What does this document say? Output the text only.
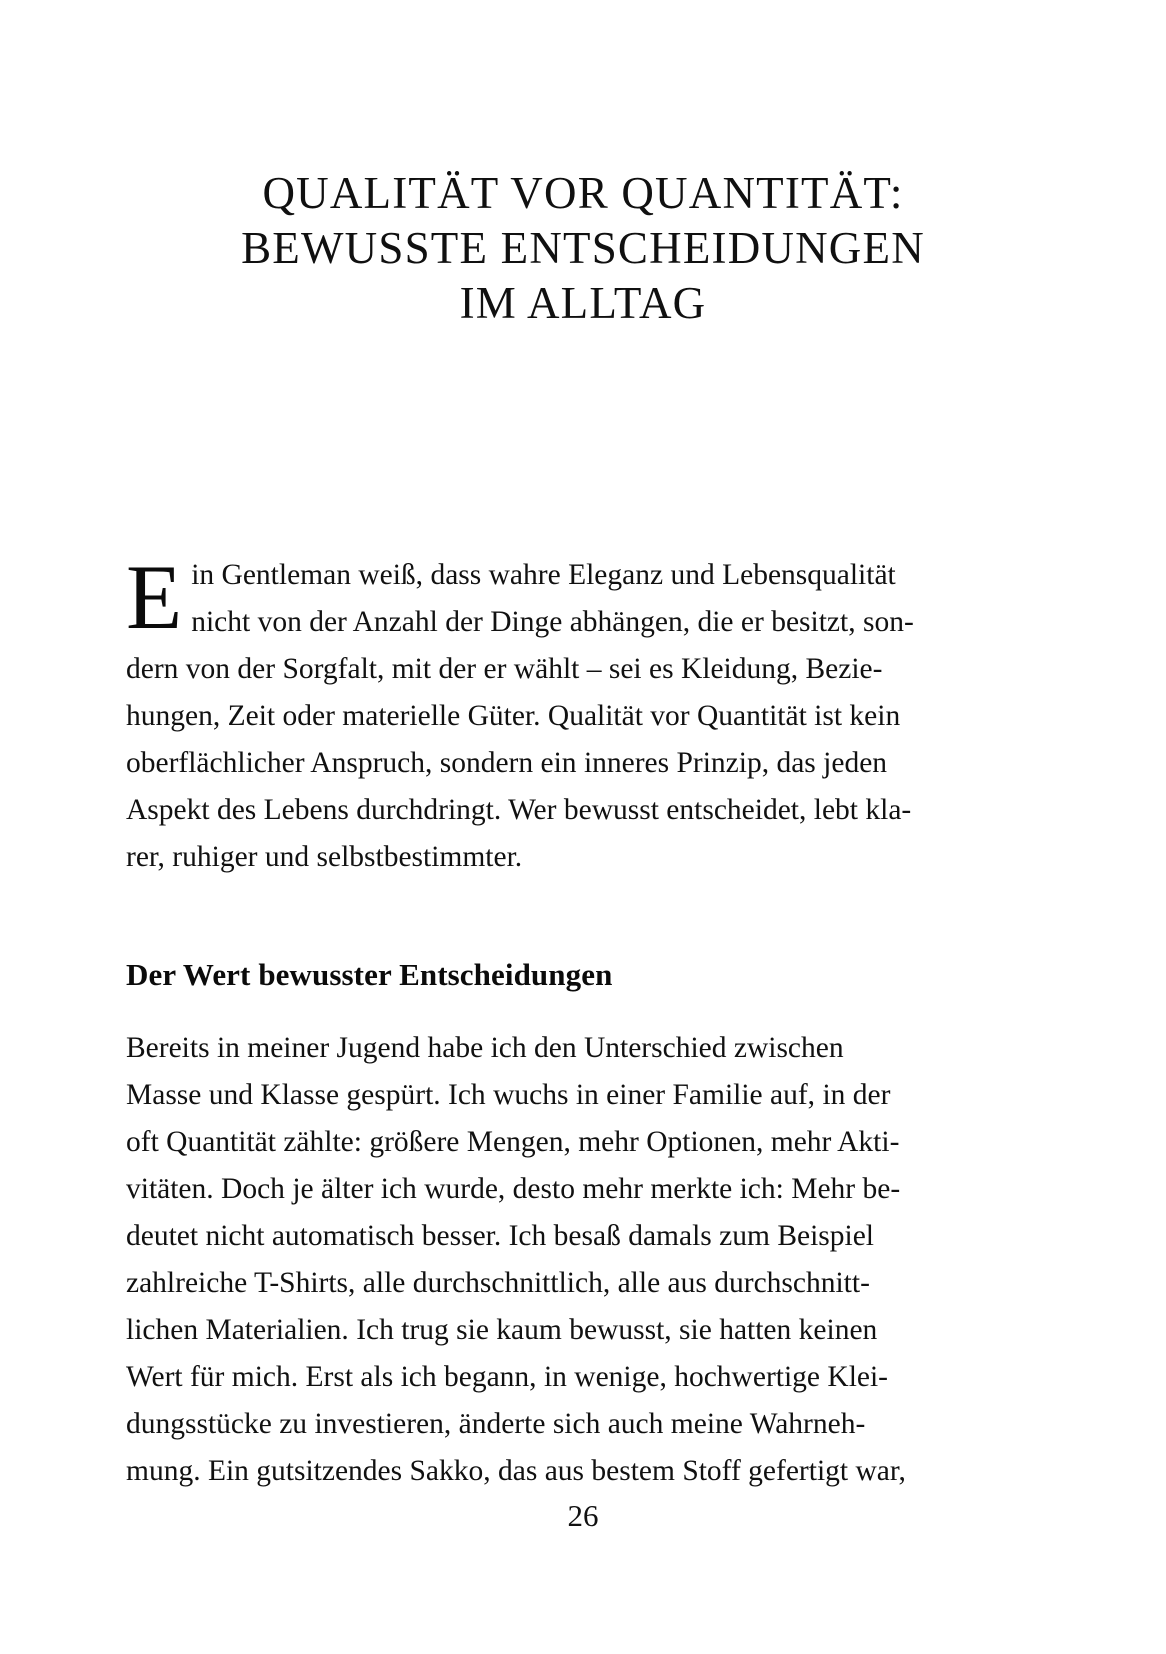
QUALITÄT VOR QUANTITÄT:
BEWUSSTE ENTSCHEIDUNGEN
IM ALLTAG
E in Gentleman weiß, dass wahre Eleganz und Lebensqualität
nicht von der Anzahl der Dinge abhängen, die er besitzt, son-
dern von der Sorgfalt, mit der er wählt – sei es Kleidung, Bezie-
hungen, Zeit oder materielle Güter. Qualität vor Quantität ist kein
oberflächlicher Anspruch, sondern ein inneres Prinzip, das jeden
Aspekt des Lebens durchdringt. Wer bewusst entscheidet, lebt kla-
rer, ruhiger und selbstbestimmter.
Der Wert bewusster Entscheidungen
Bereits in meiner Jugend habe ich den Unterschied zwischen
Masse und Klasse gespürt. Ich wuchs in einer Familie auf, in der
oft Quantität zählte: größere Mengen, mehr Optionen, mehr Akti-
vitäten. Doch je älter ich wurde, desto mehr merkte ich: Mehr be-
deutet nicht automatisch besser. Ich besaß damals zum Beispiel
zahlreiche T-Shirts, alle durchschnittlich, alle aus durchschnitt-
lichen Materialien. Ich trug sie kaum bewusst, sie hatten keinen
Wert für mich. Erst als ich begann, in wenige, hochwertige Klei-
dungsstücke zu investieren, änderte sich auch meine Wahrneh-
mung. Ein gutsitzendes Sakko, das aus bestem Stoff gefertigt war,
26
